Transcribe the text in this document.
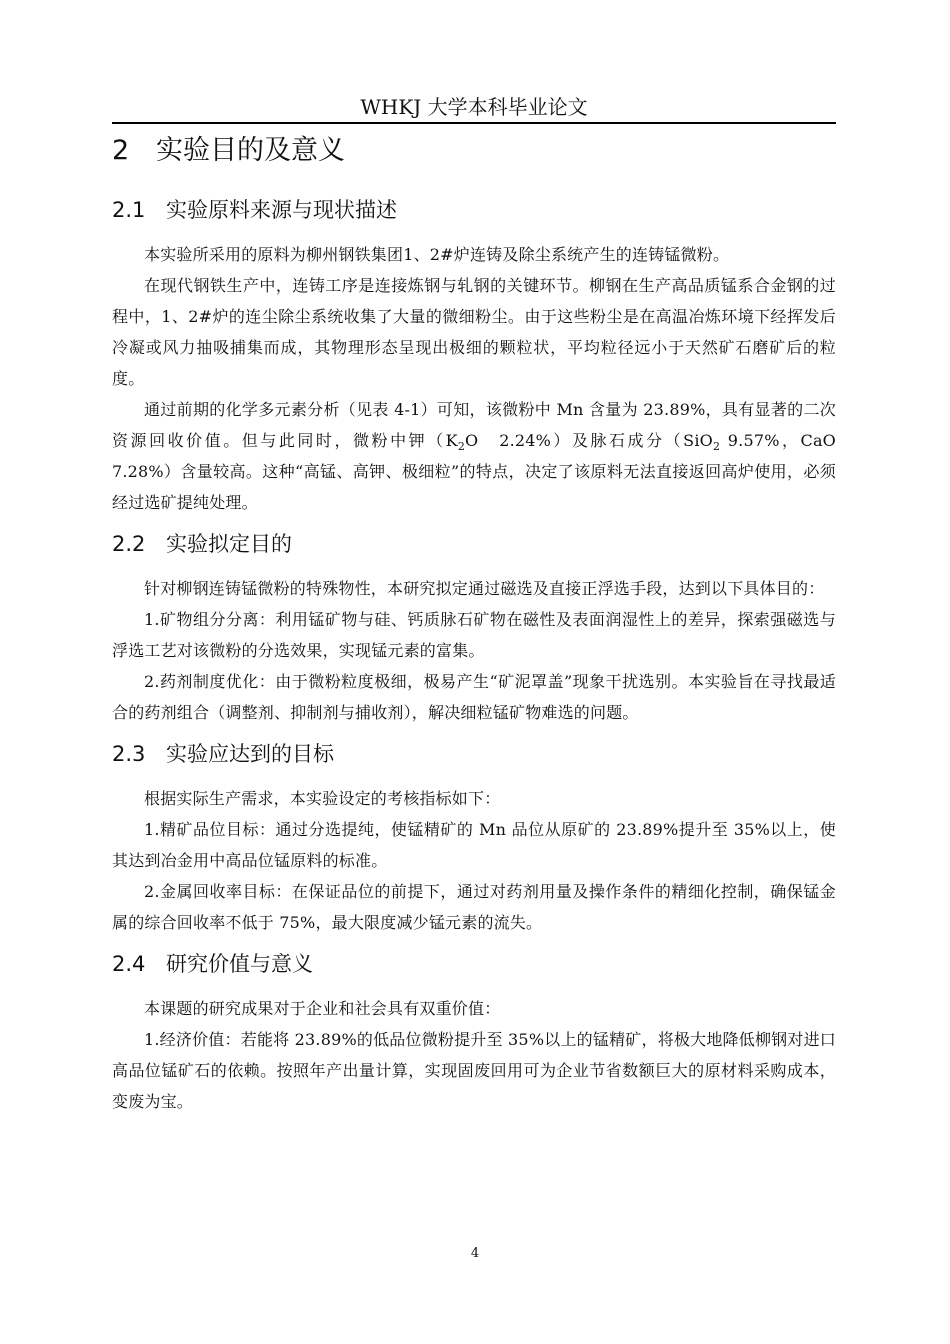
WHKJ 大学本科毕业论文
2 实验目的及意义
2.1 实验原料来源与现状描述

本实验所采用的原料为柳州钢铁集团1、2#炉连铸及除尘系统产生的连铸锰微粉。

在现代钢铁生产中，连铸工序是连接炼钢与轧钢的关键环节。柳钢在生产高品质锰系合金钢的过程中，1、2#炉的连尘除尘系统收集了大量的微细粉尘。由于这些粉尘是在高温冶炼环境下经挥发后冷凝或风力抽吸捕集而成，其物理形态呈现出极细的颗粒状，平均粒径远小于天然矿石磨矿后的粒度。

通过前期的化学多元素分析（见表 4-1）可知，该微粉中 Mn 含量为 23.89%，具有显著的二次资源回收价值。但与此同时，微粉中钾（$K_2O$　2.24%）及脉石成分（SiO$_2$ 9.57%，CaO　7.28%）含量较高。这种“高锰、高钾、极细粒”的特点，决定了该原料无法直接返回高炉使用，必须经过选矿提纯处理。

2.2 实验拟定目的

针对柳钢连铸锰微粉的特殊物性，本研究拟定通过磁选及直接正浮选手段，达到以下具体目的：

1.矿物组分分离：利用锰矿物与硅、钙质脉石矿物在磁性及表面润湿性上的差异，探索强磁选与浮选工艺对该微粉的分选效果，实现锰元素的富集。

2.药剂制度优化：由于微粉粒度极细，极易产生“矿泥罩盖”现象干扰选别。本实验旨在寻找最适合的药剂组合（调整剂、抑制剂与捕收剂），解决细粒锰矿物难选的问题。

2.3 实验应达到的目标

根据实际生产需求，本实验设定的考核指标如下：

1.精矿品位目标：通过分选提纯，使锰精矿的 Mn 品位从原矿的 23.89%提升至 35%以上，使其达到冶金用中高品位锰原料的标准。

2.金属回收率目标：在保证品位的前提下，通过对药剂用量及操作条件的精细化控制，确保锰金属的综合回收率不低于 75%，最大限度减少锰元素的流失。

2.4 研究价值与意义

本课题的研究成果对于企业和社会具有双重价值：

1.经济价值：若能将 23.89%的低品位微粉提升至 35%以上的锰精矿，将极大地降低柳钢对进口高品位锰矿石的依赖。按照年产出量计算，实现固废回用可为企业节省数额巨大的原材料采购成本，变废为宝。

4
